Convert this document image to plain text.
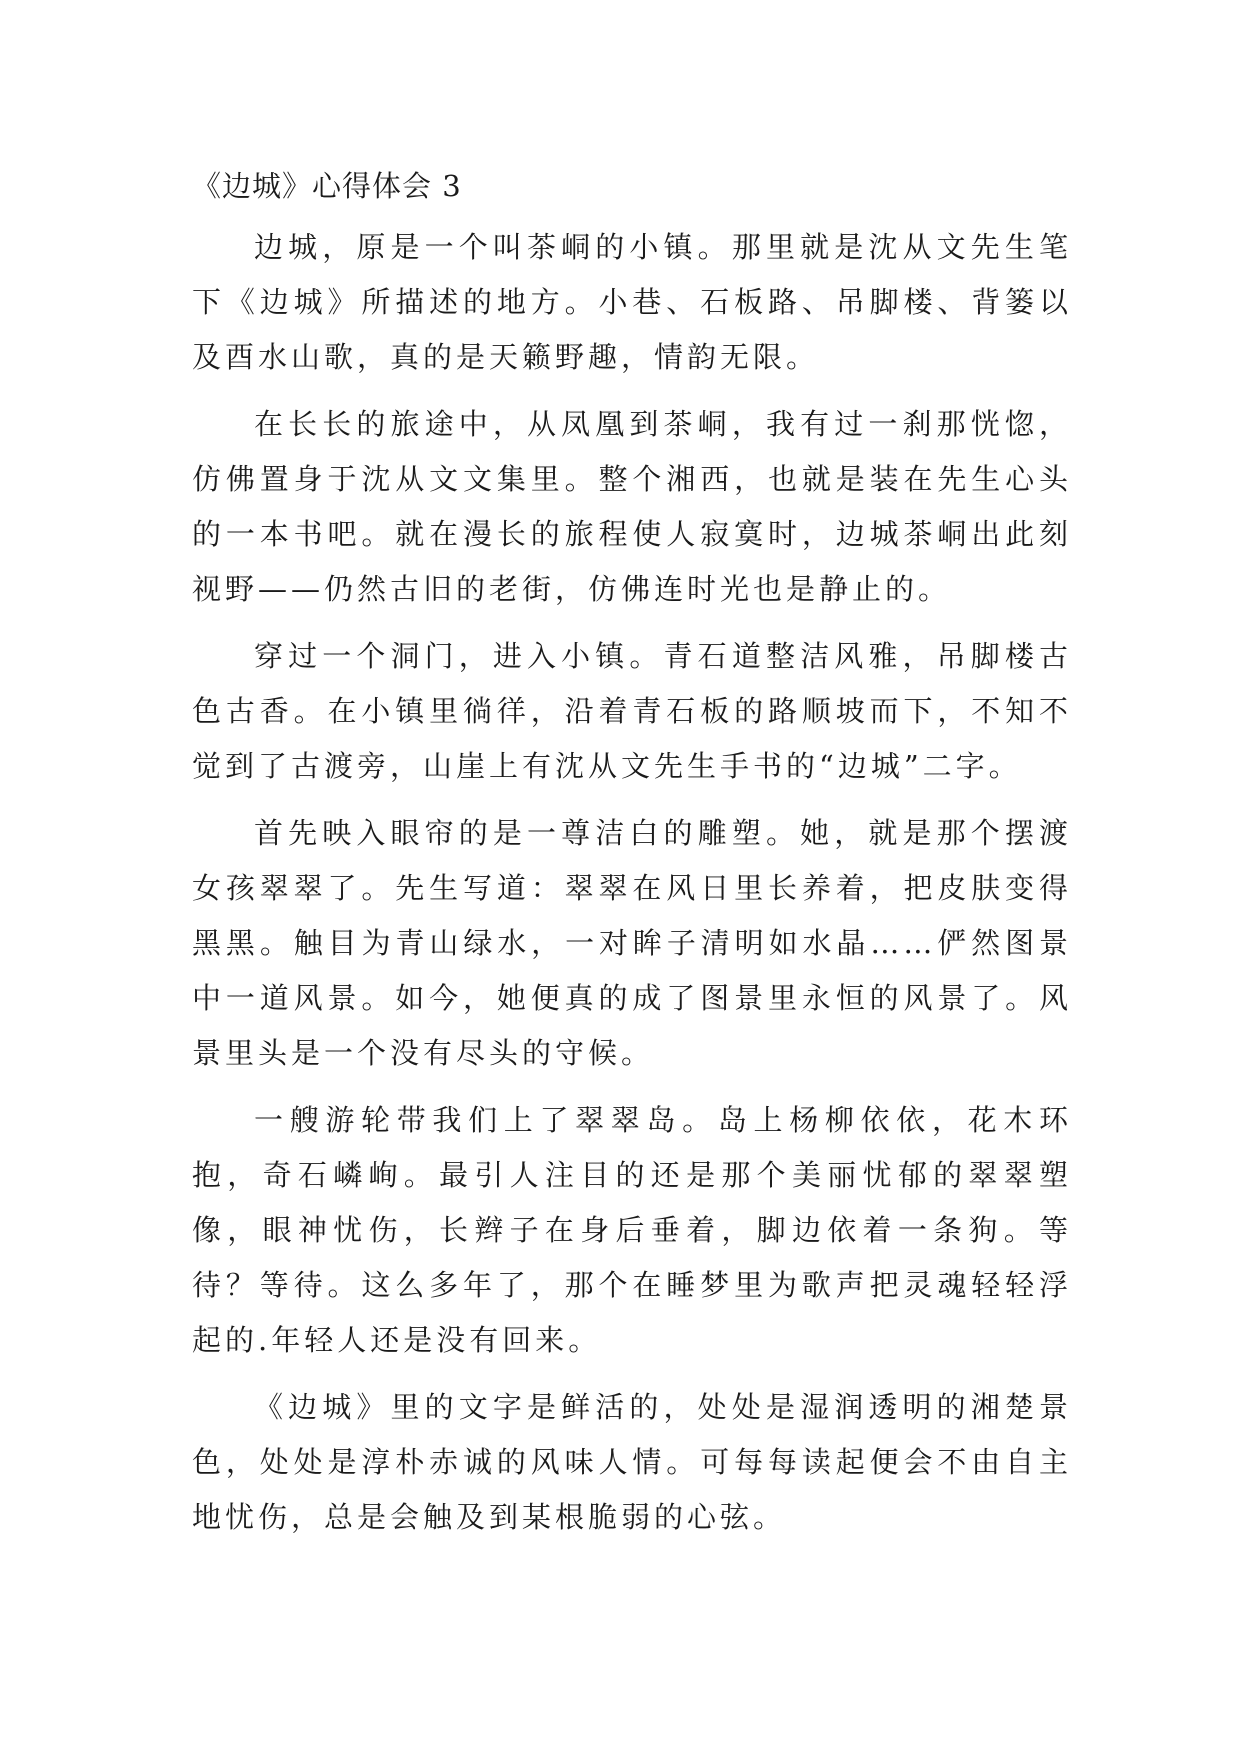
《边城》心得体会 3

边城，原是一个叫茶峒的小镇。那里就是沈从文先生笔下《边城》所描述的地方。小巷、石板路、吊脚楼、背篓以及酉水山歌，真的是天籁野趣，情韵无限。

在长长的旅途中，从凤凰到茶峒，我有过一刹那恍惚，仿佛置身于沈从文文集里。整个湘西，也就是装在先生心头的一本书吧。就在漫长的旅程使人寂寞时，边城茶峒出此刻视野——仍然古旧的老街，仿佛连时光也是静止的。

穿过一个洞门，进入小镇。青石道整洁风雅，吊脚楼古色古香。在小镇里徜徉，沿着青石板的路顺坡而下，不知不觉到了古渡旁，山崖上有沈从文先生手书的“边城”二字。

首先映入眼帘的是一尊洁白的雕塑。她，就是那个摆渡女孩翠翠了。先生写道：翠翠在风日里长养着，把皮肤变得黑黑。触目为青山绿水，一对眸子清明如水晶……俨然图景中一道风景。如今，她便真的成了图景里永恒的风景了。风景里头是一个没有尽头的守候。

一艘游轮带我们上了翠翠岛。岛上杨柳依依，花木环抱，奇石嶙峋。最引人注目的还是那个美丽忧郁的翠翠塑像，眼神忧伤，长辫子在身后垂着，脚边依着一条狗。等待？等待。这么多年了，那个在睡梦里为歌声把灵魂轻轻浮起的.年轻人还是没有回来。

《边城》里的文字是鲜活的，处处是湿润透明的湘楚景色，处处是淳朴赤诚的风味人情。可每每读起便会不由自主地忧伤，总是会触及到某根脆弱的心弦。
